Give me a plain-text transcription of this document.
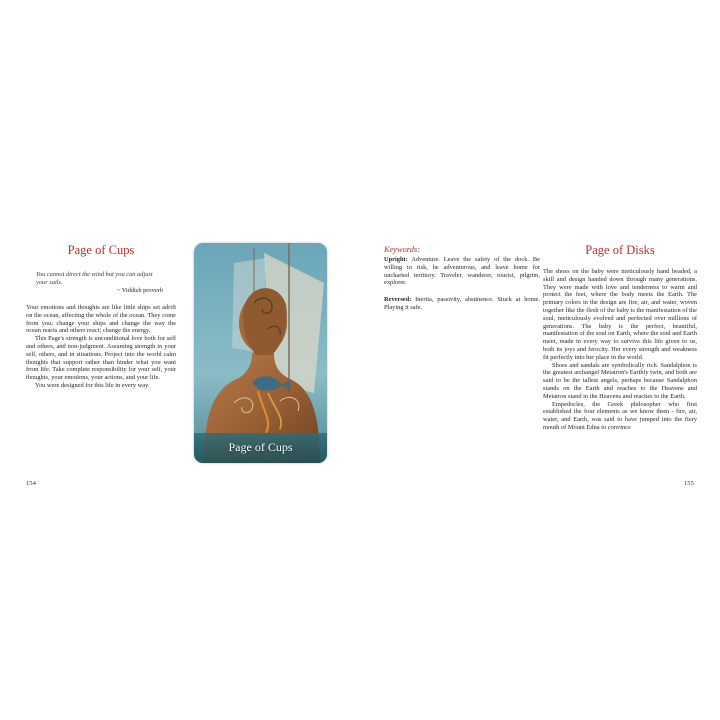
Page of Cups
You cannot direct the wind but you can adjust
your sails.
~ Yiddish proverb

Your emotions and thoughts are like little ships set adrift on the ocean, affecting the whole of the ocean. They come from you; change your ships and change the way the ocean reacts and others react; change the energy.

This Page's strength is unconditional love both for self and others, and non-judgment. Assuming strength in your self, others, and in situations. Project into the world calm thoughts that support rather than hinder what you want from life. Take complete responsibility for your self, your thoughts, your emotions, your actions, and your life.

You were designed for this life in every way.

154
Page of Cups
Keywords:

Upright: Adventure. Leave the safety of the dock. Be willing to risk, be adventurous, and leave home for uncharted territory. Traveler, wanderer, tourist, pilgrim, explorer.

Reversed: Inertia, passivity, abstinence. Stuck at home. Playing it safe.

Page of Disks

The shoes on the baby were meticulously hand beaded, a skill and design handed down through many generations. They were made with love and tenderness to warm and protect the feet, where the body meets the Earth. The primary colors in the design are fire, air, and water, woven together like the flesh of the baby is the manifestation of the soul, meticulously evolved and perfected over millions of generations. The baby is the perfect, beautiful, manifestation of the soul on Earth, where the soul and Earth meet, made in every way to survive this life given to us, both its joys and ferocity. Her every strength and weakness fit perfectly into her place in the world.

Shoes and sandals are symbolically rich. Sandalphon is the greatest archangel Metatron's Earthly twin, and both are said to be the tallest angels, perhaps because Sandalphon stands on the Earth and reaches to the Heavens and Metatron stand in the Heavens and reaches to the Earth.

Empedocles, the Greek philosopher who first established the four elements as we know them - fire, air, water, and Earth, was said to have jumped into the fiery mouth of Mount Edna to convince

155
